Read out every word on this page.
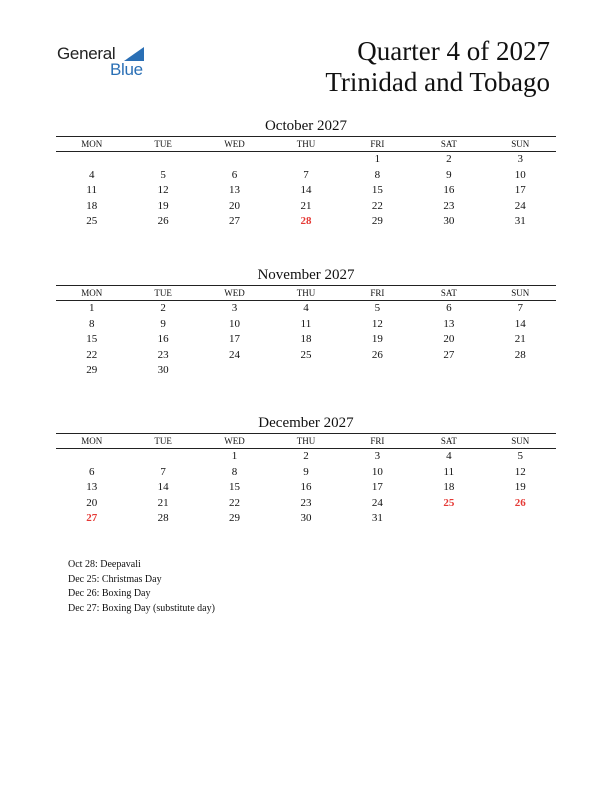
General
Blue
Quarter 4 of 2027
Trinidad and Tobago
October 2027
MON	TUE	WED	THU	FRI	SAT	SUN
				1	2	3
4	5	6	7	8	9	10
11	12	13	14	15	16	17
18	19	20	21	22	23	24
25	26	27	28	29	30	31
November 2027
MON	TUE	WED	THU	FRI	SAT	SUN
1	2	3	4	5	6	7
8	9	10	11	12	13	14
15	16	17	18	19	20	21
22	23	24	25	26	27	28
29	30					
December 2027
MON	TUE	WED	THU	FRI	SAT	SUN
		1	2	3	4	5
6	7	8	9	10	11	12
13	14	15	16	17	18	19
20	21	22	23	24	25	26
27	28	29	30	31		
Oct 28: Deepavali
Dec 25: Christmas Day
Dec 26: Boxing Day
Dec 27: Boxing Day (substitute day)
